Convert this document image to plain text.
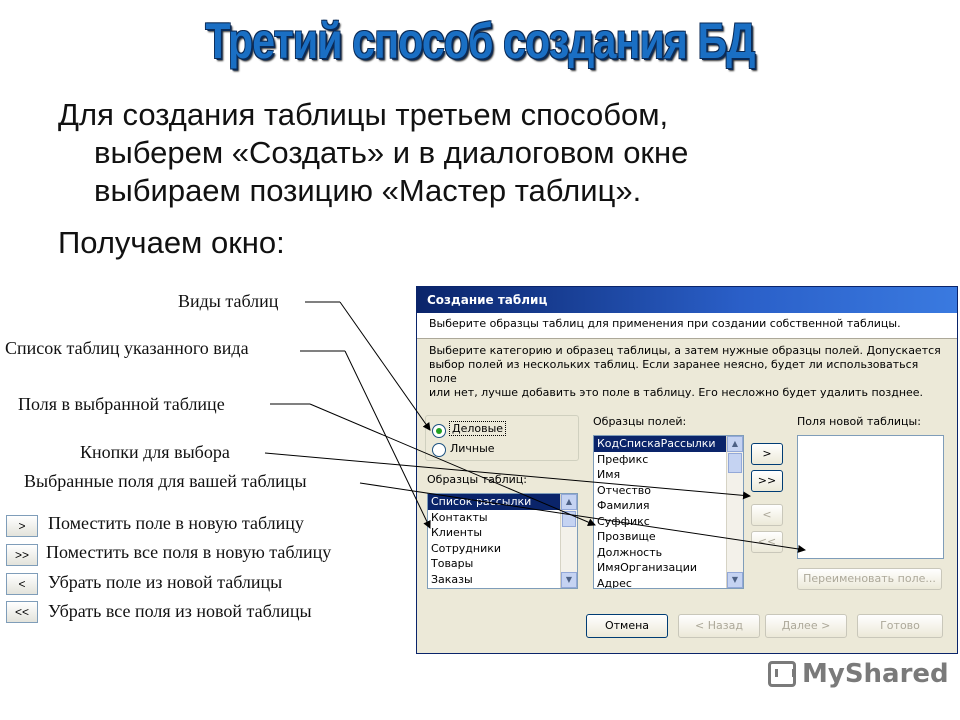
Третий способ создания БД
Для создания таблицы третьем способом,
выберем «Создать» и в диалоговом окне
выбираем позицию «Мастер таблиц».
Получаем окно:
Виды таблиц
Список таблиц указанного вида
Поля в выбранной таблице
Кнопки для выбора
Выбранные поля для вашей таблицы
>	Поместить поле в новую таблицу
>> Поместить все поля в новую таблицу
<	Убрать поле из новой таблицы
<<	Убрать все поля из новой таблицы
Создание таблиц
Выберите образцы таблиц для применения при создании собственной таблицы.
Выберите категорию и образец таблицы, а затем нужные образцы полей. Допускается
выбор полей из нескольких таблиц. Если заранее неясно, будет ли использоваться поле
или нет, лучше добавить это поле в таблицу. Его несложно будет удалить позднее.
Деловые
Личные
Образцы таблиц:
Список рассылки
Контакты
Клиенты
Сотрудники
Товары
Заказы
▲
▼
Образцы полей:
КодСпискаРассылки
Префикс
Имя
Отчество
Фамилия
Суффикс
Прозвище
Должность
ИмяОрганизации
Адрес
▲
▼
>
>>
<
<<
Поля новой таблицы:
Переименовать поле...
Отмена	< Назад	Далее >	Готово
MyShared
